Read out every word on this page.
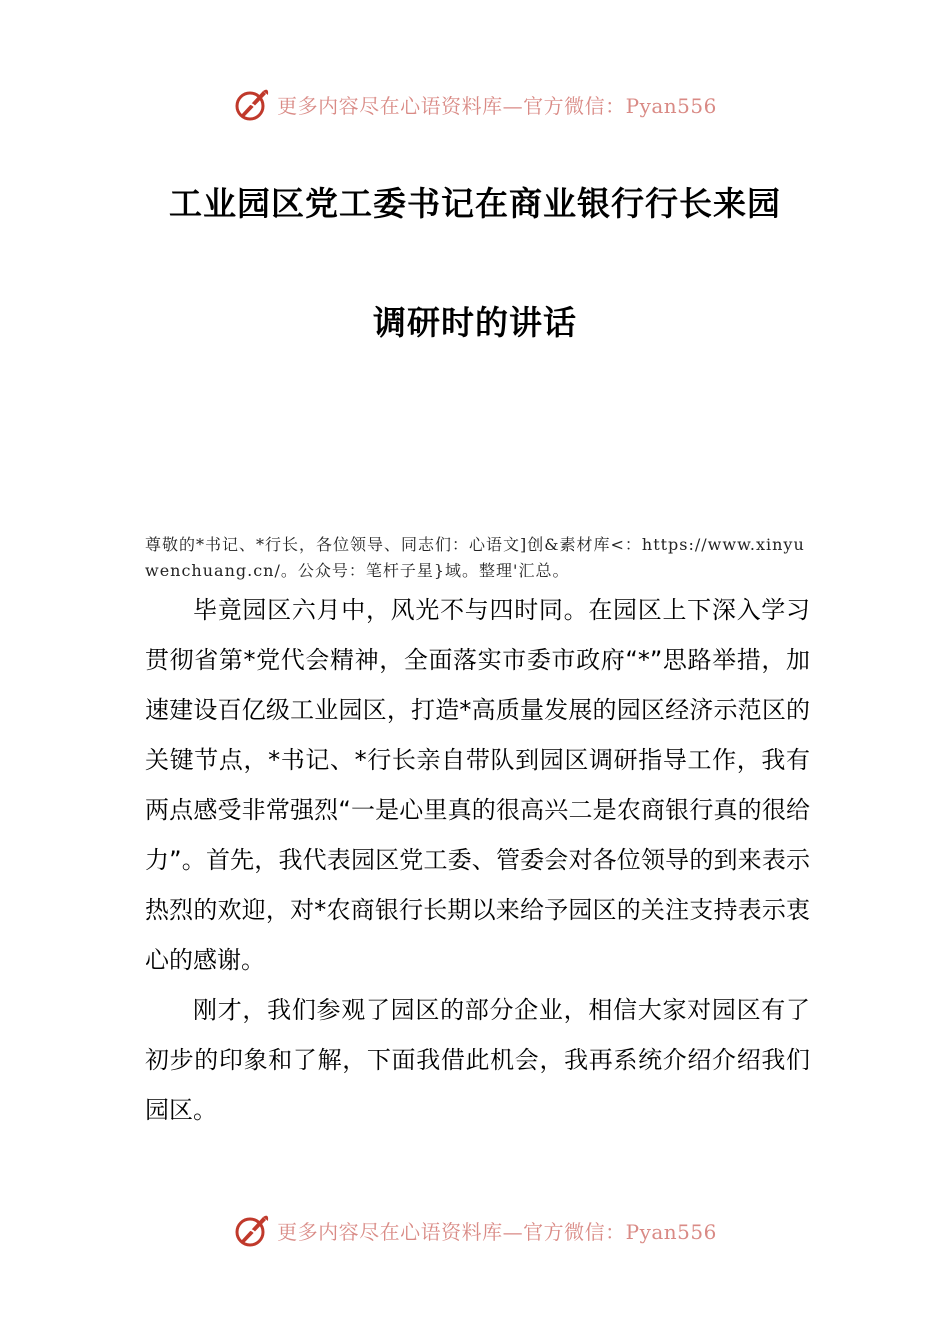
更多内容尽在心语资料库—官方微信：Pyan556
工业园区党工委书记在商业银行行长来园
调研时的讲话
尊敬的*书记、*行长，各位领导、同志们：心语文]创&素材库<：https://www.xinyuwenchuang.cn/。公众号：笔杆子星}域。整理'汇总。

毕竟园区六月中，风光不与四时同。在园区上下深入学习贯彻省第*党代会精神，全面落实市委市政府“*”思路举措，加速建设百亿级工业园区，打造*高质量发展的园区经济示范区的关键节点，*书记、*行长亲自带队到园区调研指导工作，我有两点感受非常强烈“一是心里真的很高兴二是农商银行真的很给力”。首先，我代表园区党工委、管委会对各位领导的到来表示热烈的欢迎，对*农商银行长期以来给予园区的关注支持表示衷心的感谢。

刚才，我们参观了园区的部分企业，相信大家对园区有了初步的印象和了解，下面我借此机会，我再系统介绍介绍我们园区。

更多内容尽在心语资料库—官方微信：Pyan556
